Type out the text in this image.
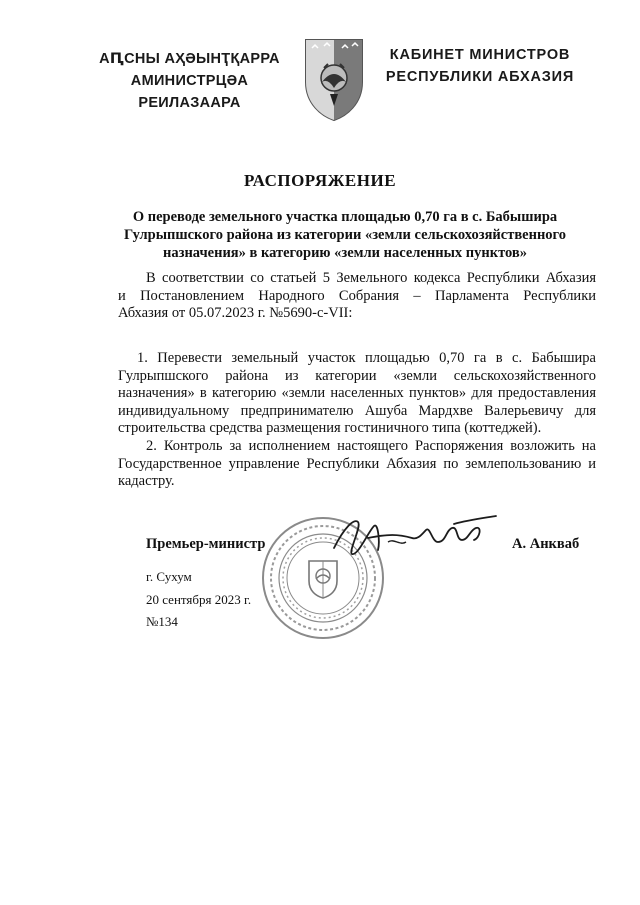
АԤСНЫ АҲӘЫНҬҚАРРА
АМИНИСТРЦӘА РЕИЛАЗААРА
КАБИНЕТ МИНИСТРОВ
РЕСПУБЛИКИ АБХАЗИЯ
РАСПОРЯЖЕНИЕ
О переводе земельного участка площадью 0,70 га в с. Бабышира
Гулрыпшского района из категории «земли сельскохозяйственного
назначения» в категорию «земли населенных пунктов»
В соответствии со статьей 5 Земельного кодекса Республики Абхазия
и Постановлением Народного Собрания – Парламента Республики
Абхазия от 05.07.2023 г. №5690-с-VII:
1. Перевести земельный участок площадью 0,70 га в с. Бабышира
Гулрыпшского района из категории «земли сельскохозяйственного
назначения» в категорию «земли населенных пунктов» для предоставления
индивидуальному предпринимателю Ашуба Мардхве Валерьевичу для
строительства средства размещения гостиничного типа (коттеджей).
2. Контроль за исполнением настоящего Распоряжения возложить на
Государственное управление Республики Абхазия по землепользованию и
кадастру.
Премьер-министр	А. Анкваб
г. Сухум
20 сентября 2023 г.
№134
